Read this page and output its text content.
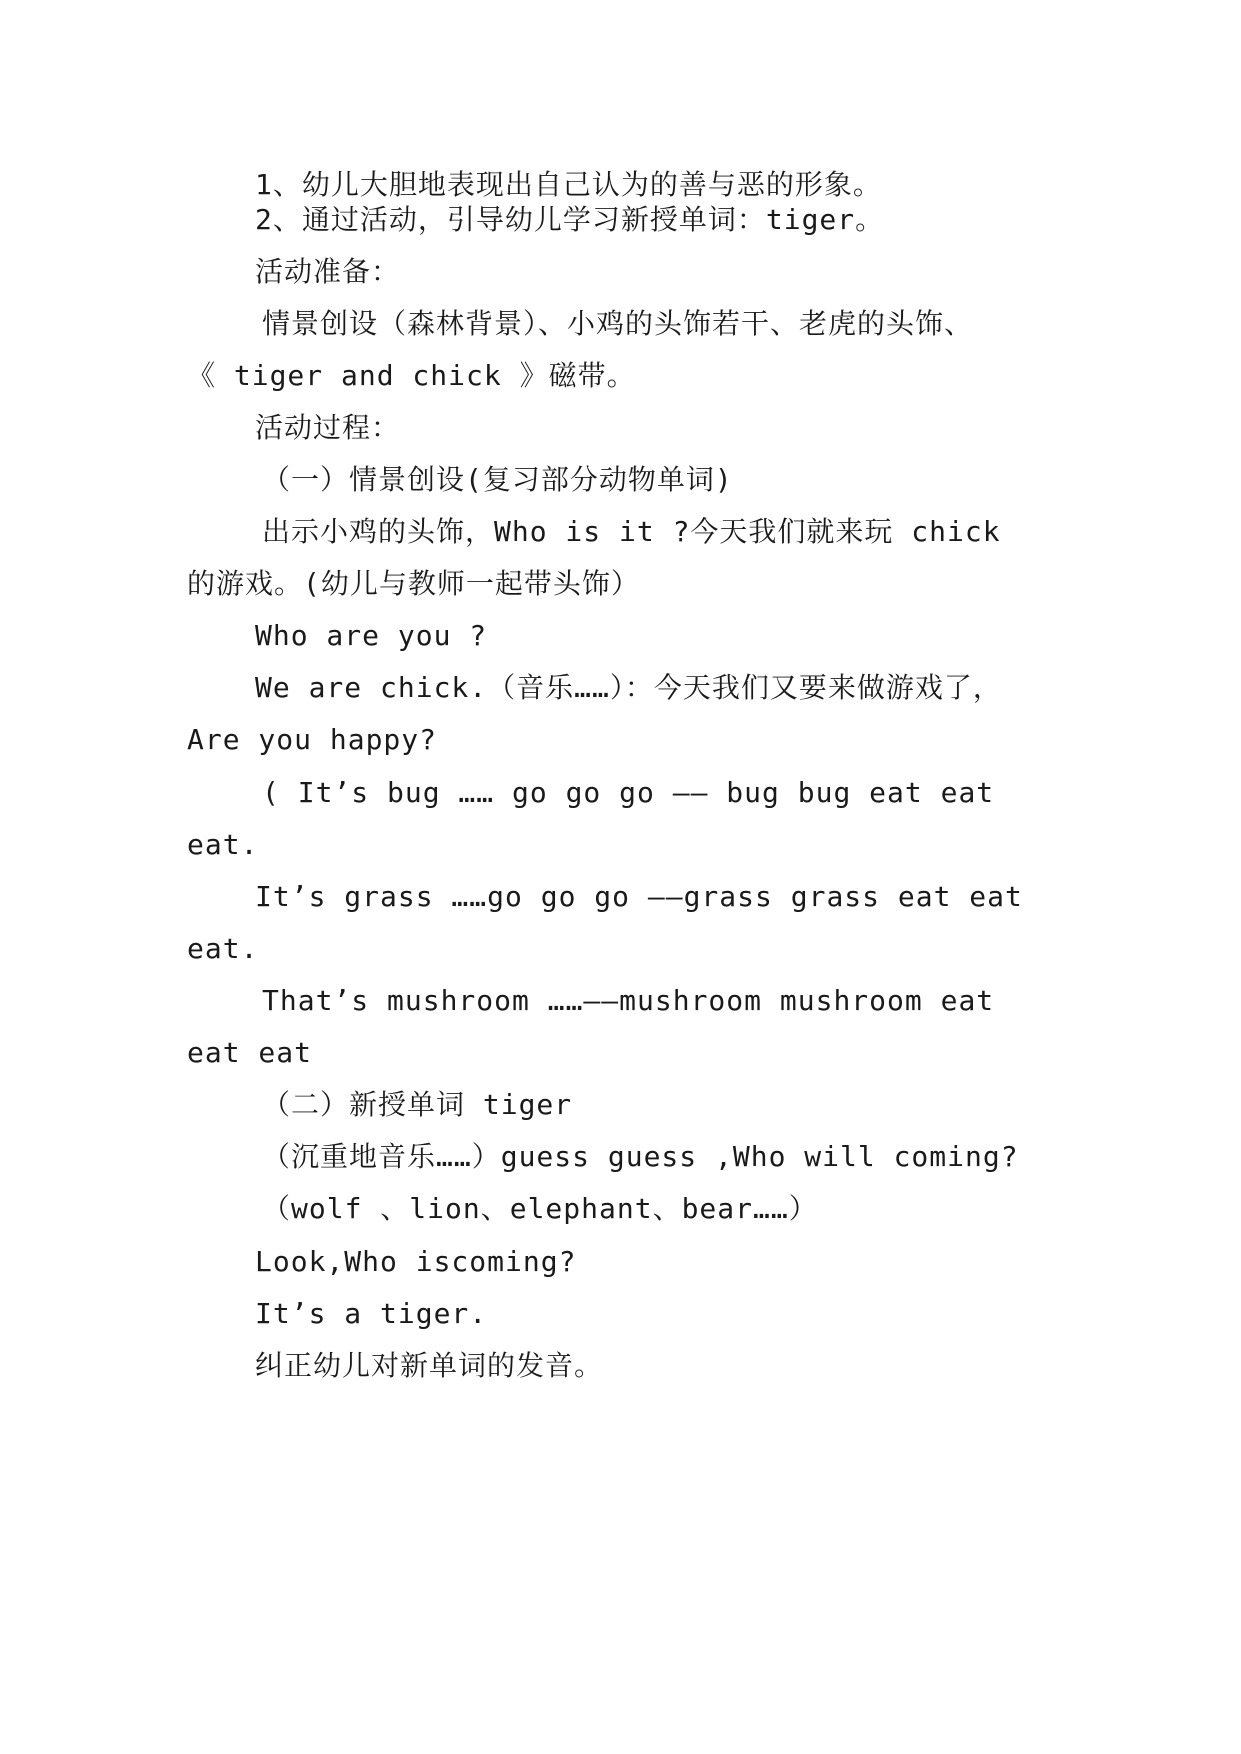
1、幼儿大胆地表现出自己认为的善与恶的形象。
2、通过活动，引导幼儿学习新授单词：tiger。
活动准备：
情景创设（森林背景）、小鸡的头饰若干、老虎的头饰、
《 tiger and chick 》磁带。
活动过程：
（一）情景创设(复习部分动物单词)
出示小鸡的头饰，Who is it ?今天我们就来玩 chick
的游戏。(幼儿与教师一起带头饰）
Who are you ?
We are chick.（音乐……）：今天我们又要来做游戏了，
Are you happy?
( It’s bug …… go go go —— bug bug eat eat
eat.
It’s grass ……go go go ——grass grass eat eat
eat.
That’s mushroom ……——mushroom mushroom eat
eat eat
（二）新授单词 tiger
（沉重地音乐……）guess guess ,Who will coming?
（wolf 、lion、elephant、bear……）
Look,Who iscoming?
It’s a tiger.
纠正幼儿对新单词的发音。
